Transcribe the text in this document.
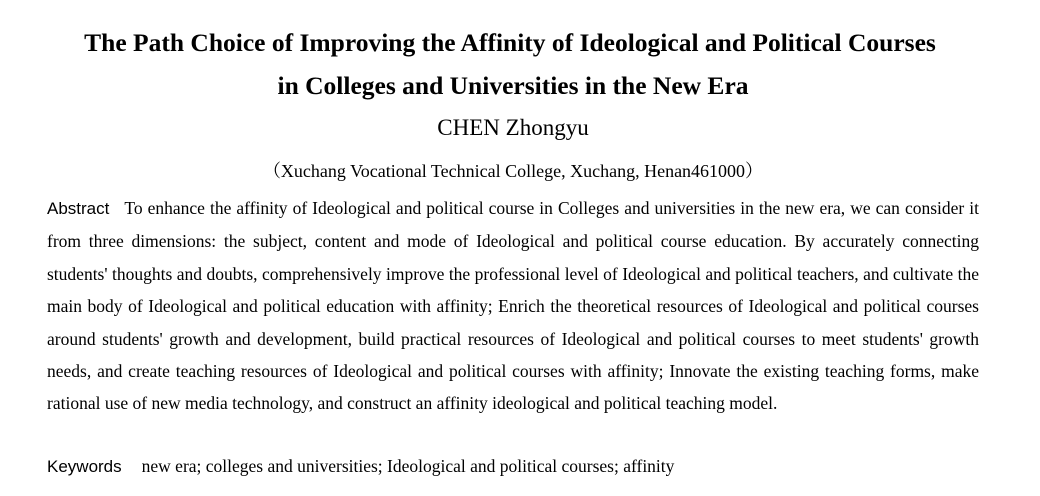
The Path Choice of Improving the Affinity of Ideological and Political Courses
in Colleges and Universities in the New Era
CHEN Zhongyu
（Xuchang Vocational Technical College, Xuchang, Henan461000）

Abstract To enhance the affinity of Ideological and political course in Colleges and universities in the new era, we can consider it from three dimensions: the subject, content and mode of Ideological and political course education. By accurately connecting students' thoughts and doubts, comprehensively improve the professional level of Ideological and political teachers, and cultivate the main body of Ideological and political education with affinity; Enrich the theoretical resources of Ideological and political courses around students' growth and development, build practical resources of Ideological and political courses to meet students' growth needs, and create teaching resources of Ideological and political courses with affinity; Innovate the existing teaching forms, make rational use of new media technology, and construct an affinity ideological and political teaching model.

Keywords new era; colleges and universities; Ideological and political courses; affinity
